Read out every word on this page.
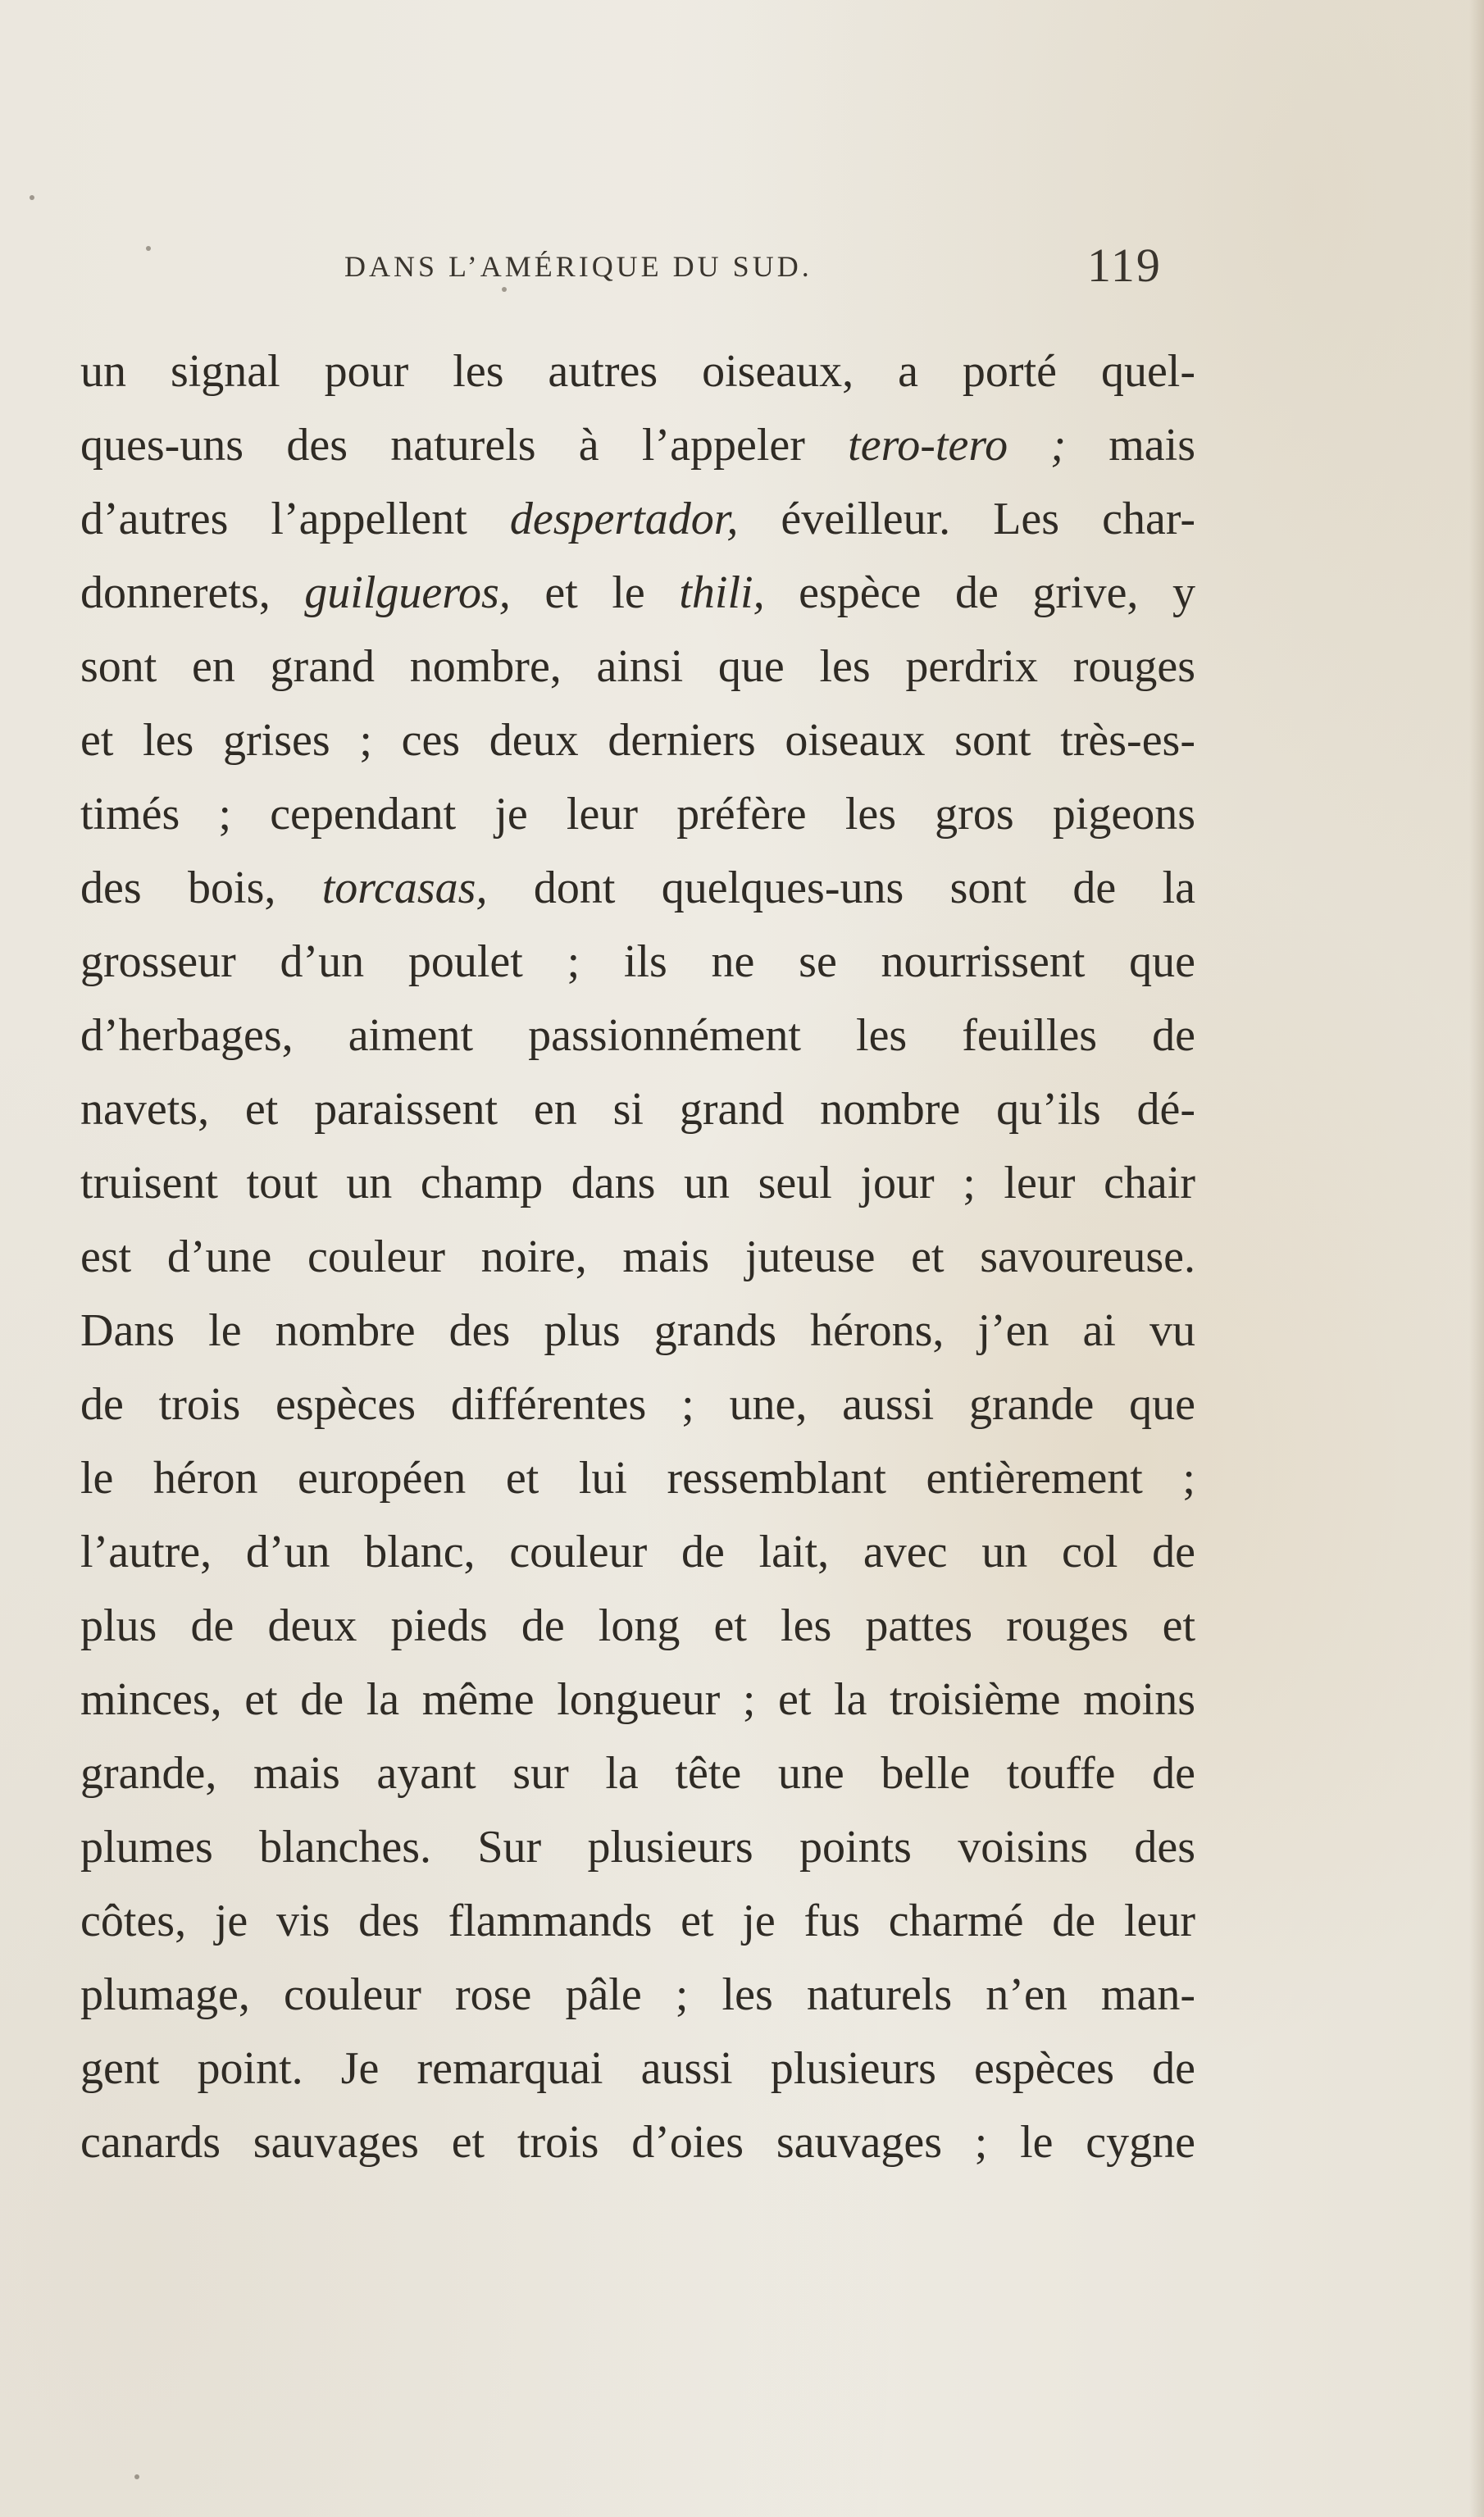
DANS L’AMÉRIQUE DU SUD.	119
un signal pour les autres oiseaux, a porté quel-
ques-uns des naturels à l’appeler tero-tero ; mais
d’autres l’appellent despertador, éveilleur. Les char-
donnerets, guilgueros, et le thili, espèce de grive, y
sont en grand nombre, ainsi que les perdrix rouges
et les grises ; ces deux derniers oiseaux sont très-es-
timés ; cependant je leur préfère les gros pigeons
des bois, torcasas, dont quelques-uns sont de la
grosseur d’un poulet ; ils ne se nourrissent que
d’herbages, aiment passionnément les feuilles de
navets, et paraissent en si grand nombre qu’ils dé-
truisent tout un champ dans un seul jour ; leur chair
est d’une couleur noire, mais juteuse et savoureuse.
Dans le nombre des plus grands hérons, j’en ai vu
de trois espèces différentes ; une, aussi grande que
le héron européen et lui ressemblant entièrement ;
l’autre, d’un blanc, couleur de lait, avec un col de
plus de deux pieds de long et les pattes rouges et
minces, et de la même longueur ; et la troisième moins
grande, mais ayant sur la tête une belle touffe de
plumes blanches. Sur plusieurs points voisins des
côtes, je vis des flammands et je fus charmé de leur
plumage, couleur rose pâle ; les naturels n’en man-
gent point. Je remarquai aussi plusieurs espèces de
canards sauvages et trois d’oies sauvages ; le cygne
